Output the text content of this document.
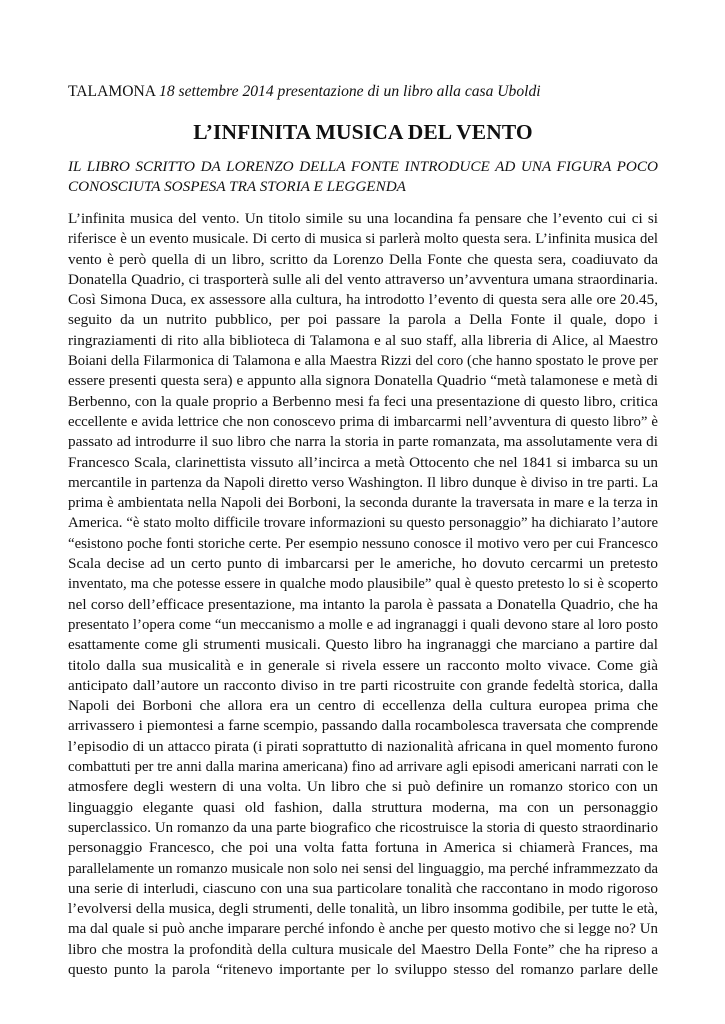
TALAMONA 18 settembre 2014 presentazione di un libro alla casa Uboldi

L’INFINITA MUSICA DEL VENTO
IL LIBRO SCRITTO DA LORENZO DELLA FONTE INTRODUCE AD UNA FIGURA POCO
CONOSCIUTA SOSPESA TRA STORIA E LEGGENDA
L’infinita musica del vento. Un titolo simile su una locandina fa pensare che l’evento cui ci si
riferisce è un evento musicale. Di certo di musica si parlerà molto questa sera. L’infinita musica del
vento è però quella di un libro, scritto da Lorenzo Della Fonte che questa sera, coadiuvato da
Donatella Quadrio, ci trasporterà sulle ali del vento attraverso un’avventura umana straordinaria.
Così Simona Duca, ex assessore alla cultura, ha introdotto l’evento di questa sera alle ore 20.45,
seguito da un nutrito pubblico, per poi passare la parola a Della Fonte il quale, dopo i
ringraziamenti di rito alla biblioteca di Talamona e al suo staff, alla libreria di Alice, al Maestro
Boiani della Filarmonica di Talamona e alla Maestra Rizzi del coro (che hanno spostato le prove per
essere presenti questa sera) e appunto alla signora Donatella Quadrio “metà talamonese e metà di
Berbenno, con la quale proprio a Berbenno mesi fa feci una presentazione di questo libro, critica
eccellente e avida lettrice che non conoscevo prima di imbarcarmi nell’avventura di questo libro” è
passato ad introdurre il suo libro che narra la storia in parte romanzata, ma assolutamente vera di
Francesco Scala, clarinettista vissuto all’incirca a metà Ottocento che nel 1841 si imbarca su un
mercantile in partenza da Napoli diretto verso Washington. Il libro dunque è diviso in tre parti. La
prima è ambientata nella Napoli dei Borboni, la seconda durante la traversata in mare e la terza in
America. “è stato molto difficile trovare informazioni su questo personaggio” ha dichiarato l’autore
“esistono poche fonti storiche certe. Per esempio nessuno conosce il motivo vero per cui Francesco
Scala decise ad un certo punto di imbarcarsi per le americhe, ho dovuto cercarmi un pretesto
inventato, ma che potesse essere in qualche modo plausibile” qual è questo pretesto lo si è scoperto
nel corso dell’efficace presentazione, ma intanto la parola è passata a Donatella Quadrio, che ha
presentato l’opera come “un meccanismo a molle e ad ingranaggi i quali devono stare al loro posto
esattamente come gli strumenti musicali. Questo libro ha ingranaggi che marciano a partire dal
titolo dalla sua musicalità e in generale si rivela essere un racconto molto vivace. Come già
anticipato dall’autore un racconto diviso in tre parti ricostruite con grande fedeltà storica, dalla
Napoli dei Borboni che allora era un centro di eccellenza della cultura europea prima che
arrivassero i piemontesi a farne scempio, passando dalla rocambolesca traversata che comprende
l’episodio di un attacco pirata (i pirati soprattutto di nazionalità africana in quel momento furono
combattuti per tre anni dalla marina americana) fino ad arrivare agli episodi americani narrati con le
atmosfere degli western di una volta. Un libro che si può definire un romanzo storico con un
linguaggio elegante quasi old fashion, dalla struttura moderna, ma con un personaggio
superclassico. Un romanzo da una parte biografico che ricostruisce la storia di questo straordinario
personaggio Francesco, che poi una volta fatta fortuna in America si chiamerà Frances, ma
parallelamente un romanzo musicale non solo nei sensi del linguaggio, ma perché inframmezzato da
una serie di interludi, ciascuno con una sua particolare tonalità che raccontano in modo rigoroso
l’evolversi della musica, degli strumenti, delle tonalità, un libro insomma godibile, per tutte le età,
ma dal quale si può anche imparare perché infondo è anche per questo motivo che si legge no? Un
libro che mostra la profondità della cultura musicale del Maestro Della Fonte” che ha ripreso a
questo punto la parola “ritenevo importante per lo sviluppo stesso del romanzo parlare delle
